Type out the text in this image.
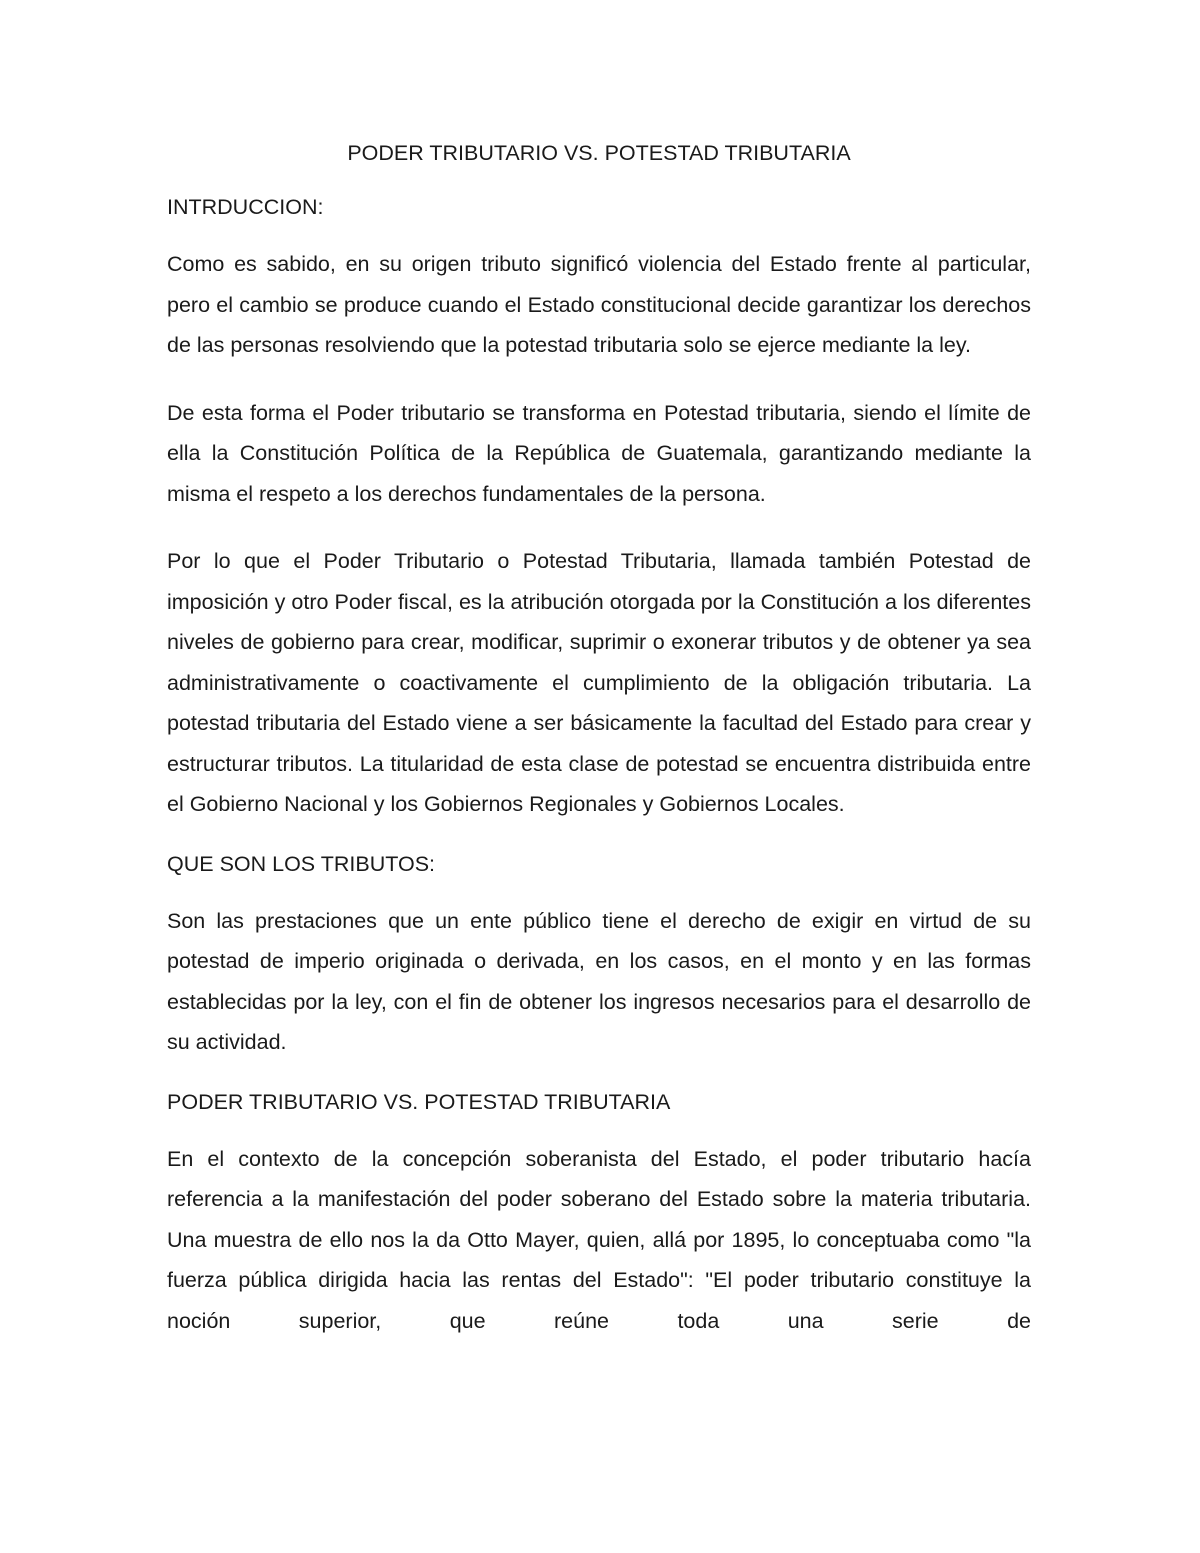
PODER TRIBUTARIO VS. POTESTAD TRIBUTARIA
INTRDUCCION:

Como es sabido, en su origen tributo significó violencia del Estado frente al particular, pero el cambio se produce cuando el Estado constitucional decide garantizar los derechos de las personas resolviendo que la potestad tributaria solo se ejerce mediante la ley.

De esta forma el Poder tributario se transforma en Potestad tributaria, siendo el límite de ella la Constitución Política de la República de Guatemala, garantizando mediante la misma el respeto a los derechos fundamentales de la persona.

Por lo que el Poder Tributario o Potestad Tributaria, llamada también Potestad de imposición y otro Poder fiscal, es la atribución otorgada por la Constitución a los diferentes niveles de gobierno para crear, modificar, suprimir o exonerar tributos y de obtener ya sea administrativamente o coactivamente el cumplimiento de la obligación tributaria. La potestad tributaria del Estado viene a ser básicamente la facultad del Estado para crear y estructurar tributos. La titularidad de esta clase de potestad se encuentra distribuida entre el Gobierno Nacional y los Gobiernos Regionales y Gobiernos Locales.

QUE SON LOS TRIBUTOS:

Son las prestaciones que un ente público tiene el derecho de exigir en virtud de su potestad de imperio originada o derivada, en los casos, en el monto y en las formas establecidas por la ley, con el fin de obtener los ingresos necesarios para el desarrollo de su actividad.

PODER TRIBUTARIO VS. POTESTAD TRIBUTARIA

En el contexto de la concepción soberanista del Estado, el poder tributario hacía referencia a la manifestación del poder soberano del Estado sobre la materia tributaria. Una muestra de ello nos la da Otto Mayer, quien, allá por 1895, lo conceptuaba como "la fuerza pública dirigida hacia las rentas del Estado": "El poder tributario constituye la noción superior, que reúne toda una serie de
